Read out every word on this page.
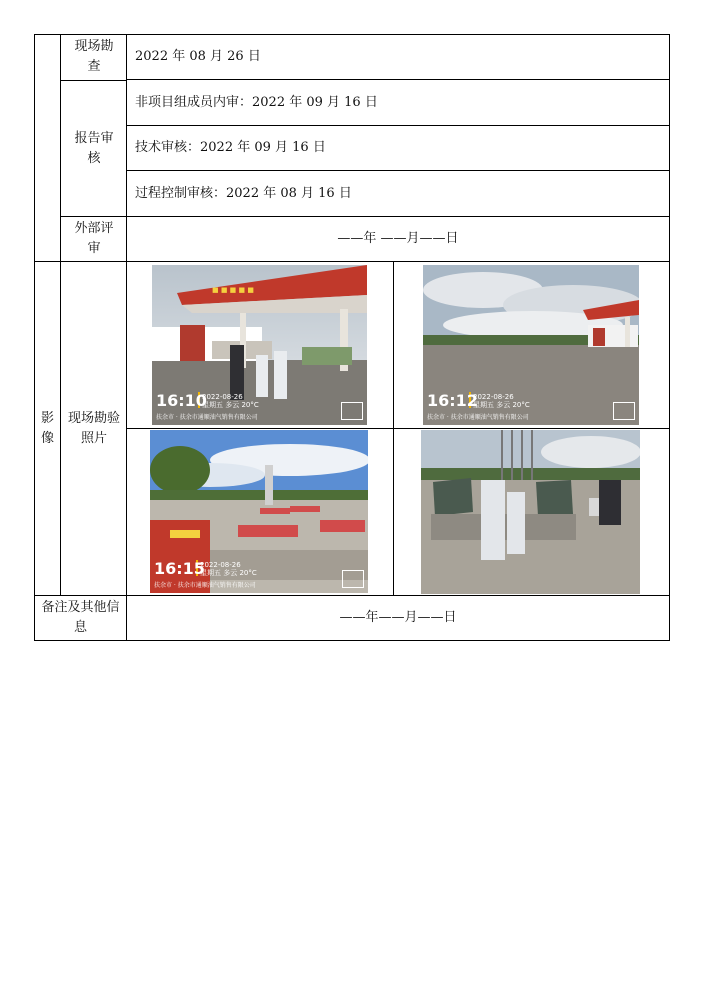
现场勘查
2022 年 08 月 26 日
报告审核
非项目组成员内审：2022 年 09 月 16 日
技术审核：2022 年 09 月 16 日
过程控制审核：2022 年 08 月 16 日
外部评审
——年 ——月——日
影像
现场勘验照片
■ ■ ■ ■ ■
16:10
2022-08-26
星期五 多云 20°C
扶余市 · 扶余市通顺油气销售有限公司
16:12
2022-08-26
星期五 多云 20°C
扶余市 · 扶余市通顺油气销售有限公司
16:15
2022-08-26
星期五 多云 20°C
扶余市 · 扶余市通顺油气销售有限公司
备注及其他信息
——年——月——日
